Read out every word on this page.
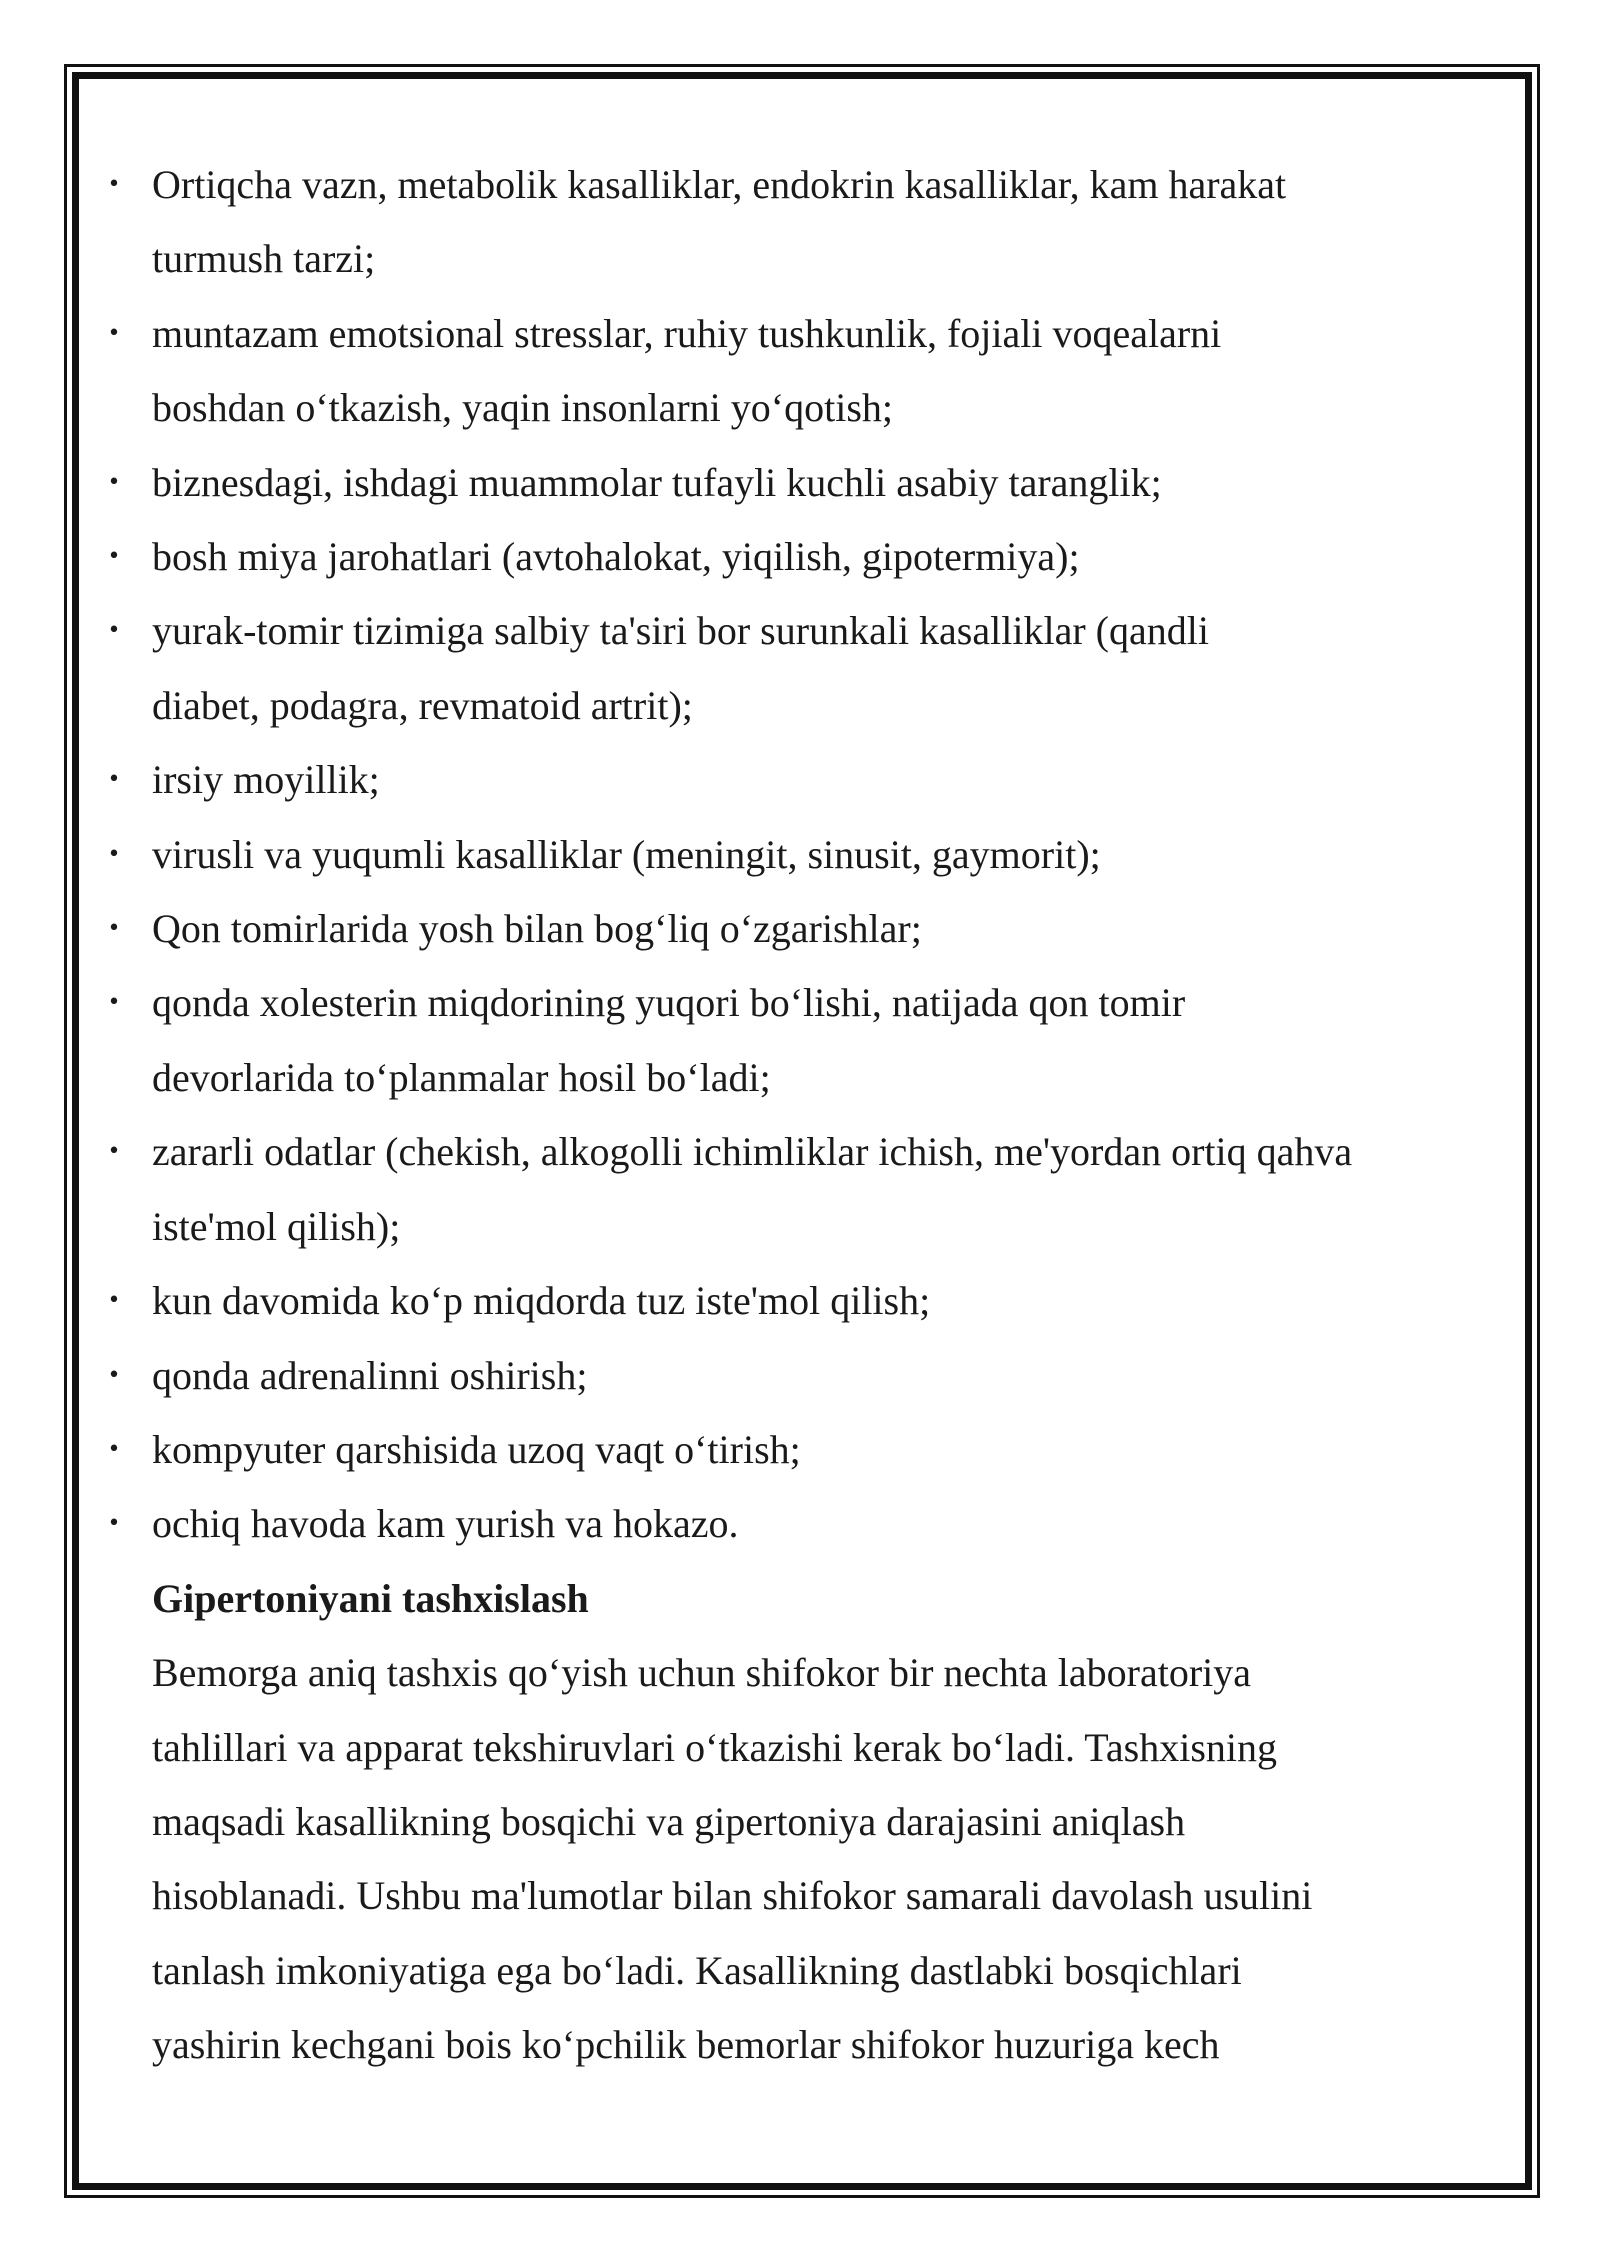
• Ortiqcha vazn, metabolik kasalliklar, endokrin kasalliklar, kam harakat
turmush tarzi;
• muntazam emotsional stresslar, ruhiy tushkunlik, fojiali voqealarni
boshdan o‘tkazish, yaqin insonlarni yo‘qotish;
• biznesdagi, ishdagi muammolar tufayli kuchli asabiy taranglik;
• bosh miya jarohatlari (avtohalokat, yiqilish, gipotermiya);
• yurak-tomir tizimiga salbiy ta'siri bor surunkali kasalliklar (qandli
diabet, podagra, revmatoid artrit);
• irsiy moyillik;
• virusli va yuqumli kasalliklar (meningit, sinusit, gaymorit);
• Qon tomirlarida yosh bilan bog‘liq o‘zgarishlar;
• qonda xolesterin miqdorining yuqori bo‘lishi, natijada qon tomir
devorlarida to‘planmalar hosil bo‘ladi;
• zararli odatlar (chekish, alkogolli ichimliklar ichish, me'yordan ortiq qahva
iste'mol qilish);
• kun davomida ko‘p miqdorda tuz iste'mol qilish;
• qonda adrenalinni oshirish;
• kompyuter qarshisida uzoq vaqt o‘tirish;
• ochiq havoda kam yurish va hokazo.
Gipertoniyani tashxislash
Bemorga aniq tashxis qo‘yish uchun shifokor bir nechta laboratoriya
tahlillari va apparat tekshiruvlari o‘tkazishi kerak bo‘ladi. Tashxisning
maqsadi kasallikning bosqichi va gipertoniya darajasini aniqlash
hisoblanadi. Ushbu ma'lumotlar bilan shifokor samarali davolash usulini
tanlash imkoniyatiga ega bo‘ladi. Kasallikning dastlabki bosqichlari
yashirin kechgani bois ko‘pchilik bemorlar shifokor huzuriga kech
